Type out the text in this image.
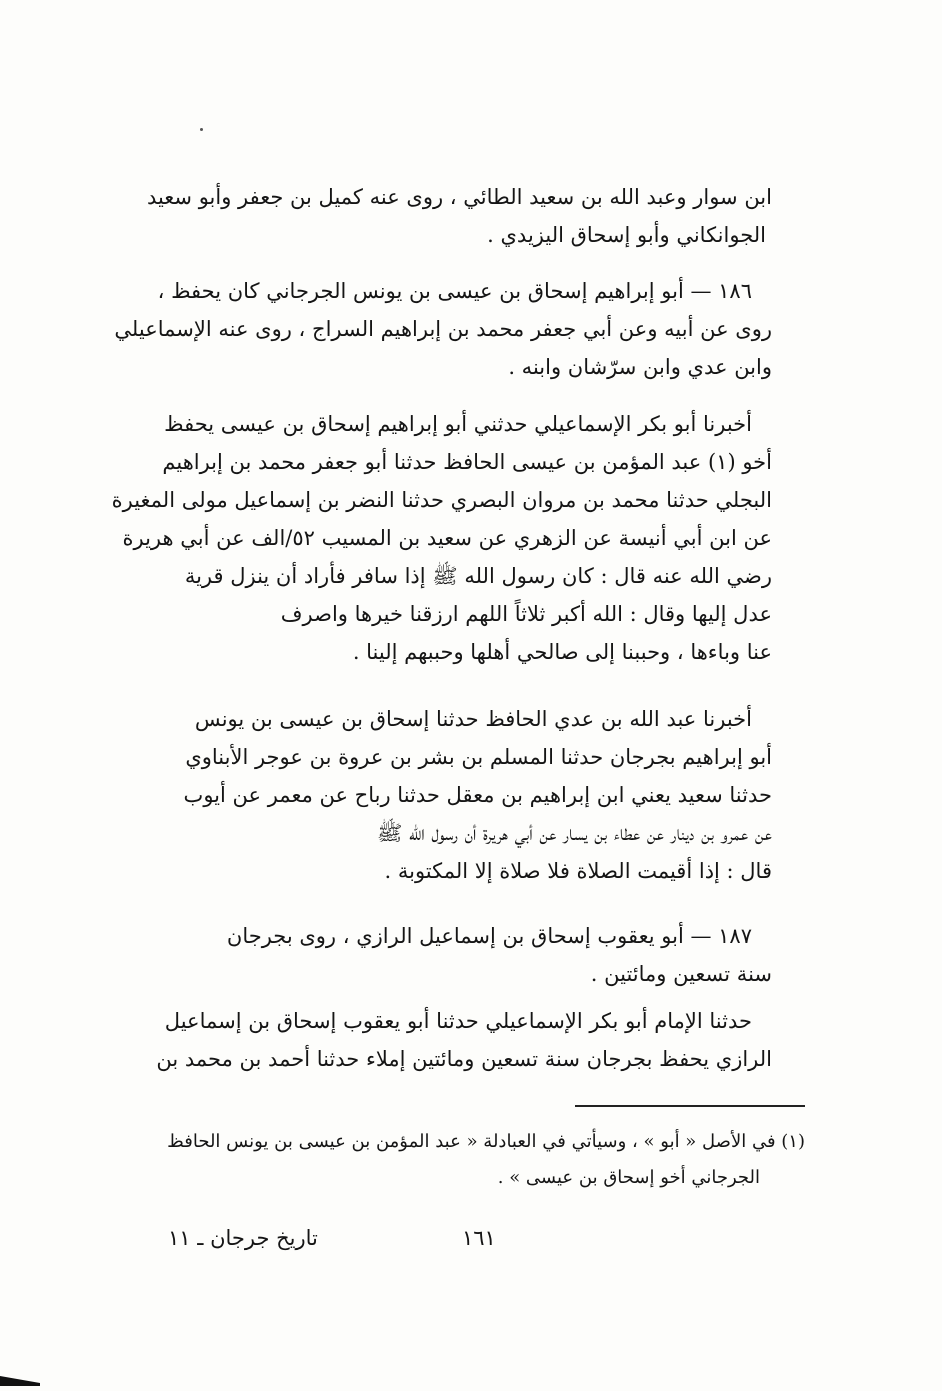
ابن سوار وعبد الله بن سعيد الطائي ، روى عنه كميل بن جعفر وأبو سعيد
الجوانكاني وأبو إسحاق اليزيدي .
١٨٦ — أبو إبراهيم إسحاق بن عيسى بن يونس الجرجاني كان يحفظ ،
روى عن أبيه وعن أبي جعفر محمد بن إبراهيم السراج ، روى عنه الإسماعيلي
وابن عدي وابن سرّشان وابنه .
أخبرنا أبو بكر الإسماعيلي حدثني أبو إبراهيم إسحاق بن عيسى يحفظ
أخو (١) عبد المؤمن بن عيسى الحافظ حدثنا أبو جعفر محمد بن إبراهيم
البجلي حدثنا محمد بن مروان البصري حدثنا النضر بن إسماعيل مولى المغيرة
عن ابن أبي أنيسة عن الزهري عن سعيد بن المسيب ٥٢/الف عن أبي هريرة
رضي الله عنه قال : كان رسول الله ﷺ إذا سافر فأراد أن ينزل قرية
عدل إليها وقال : الله أكبر ثلاثاً اللهم ارزقنا خيرها واصرف
عنا وباءها ، وحببنا إلى صالحي أهلها وحببهم إلينا .
أخبرنا عبد الله بن عدي الحافظ حدثنا إسحاق بن عيسى بن يونس
أبو إبراهيم بجرجان حدثنا المسلم بن بشر بن عروة بن عوجر الأبناوي
حدثنا سعيد يعني ابن إبراهيم بن معقل حدثنا رباح عن معمر عن أيوب
عن عمرو بن دينار عن عطاء بن يسار عن أبي هريرة أن رسول الله ﷺ
قال : إذا أقيمت الصلاة فلا صلاة إلا المكتوبة .
١٨٧ — أبو يعقوب إسحاق بن إسماعيل الرازي ، روى بجرجان
سنة تسعين ومائتين .
حدثنا الإمام أبو بكر الإسماعيلي حدثنا أبو يعقوب إسحاق بن إسماعيل
الرازي يحفظ بجرجان سنة تسعين ومائتين إملاء حدثنا أحمد بن محمد بن
(١) في الأصل « أبو » ، وسيأتي في العبادلة « عبد المؤمن بن عيسى بن يونس الحافظ
الجرجاني أخو إسحاق بن عيسى » .
١٦١
تاريخ جرجان ـ ١١
